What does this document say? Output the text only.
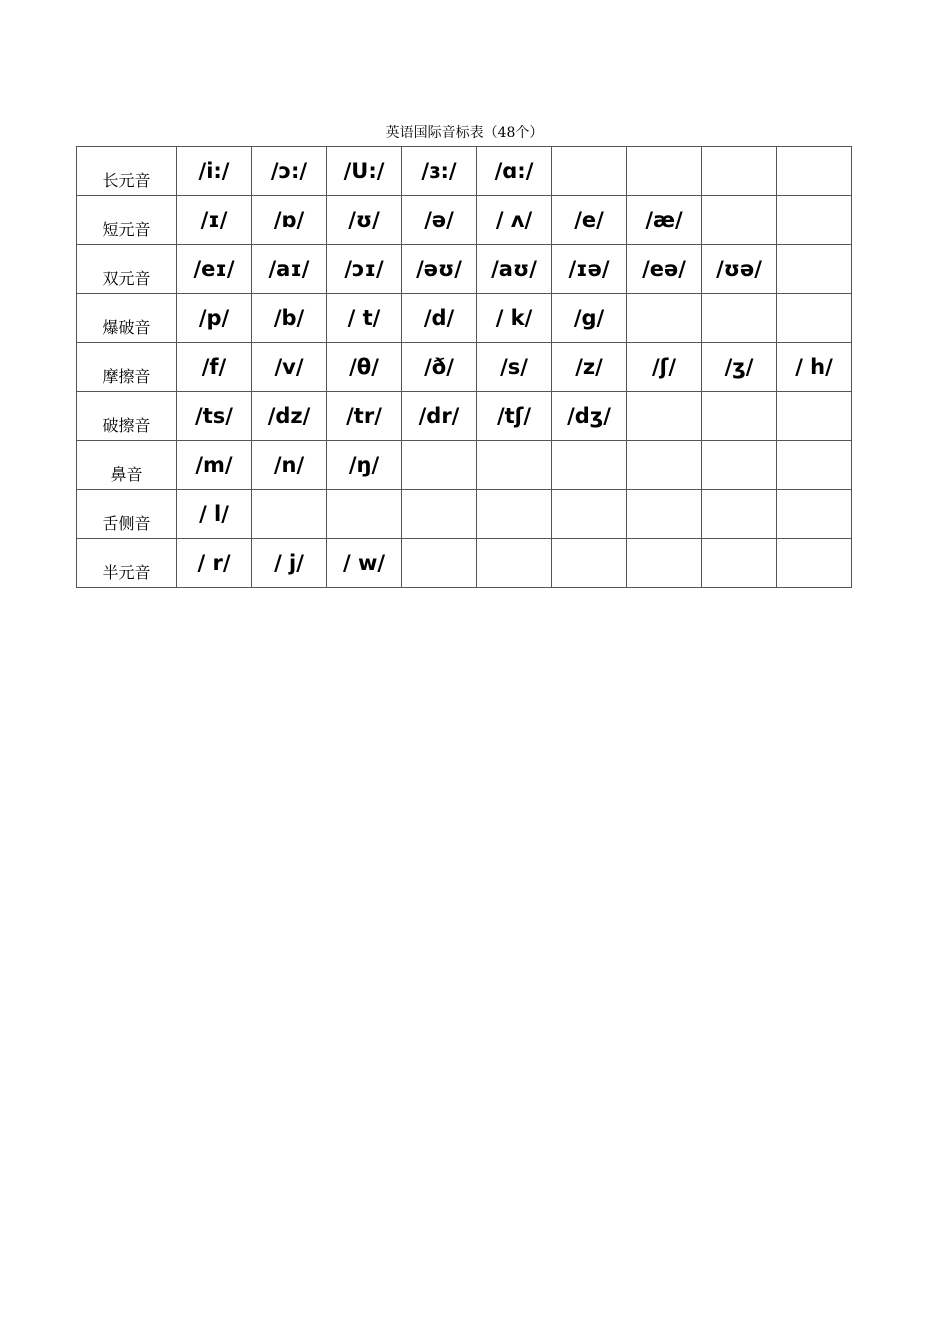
英语国际音标表（48个）
长元音	/i:/	/ɔ:/	/U:/	/ɜ:/	/ɑ:/				
短元音	/ɪ/	/ɒ/	/ʊ/	/ə/	/ ʌ/	/e/	/æ/		
双元音	/eɪ/	/aɪ/	/ɔɪ/	/əʊ/	/aʊ/	/ɪə/	/eə/	/ʊə/	
爆破音	/p/	/b/	/ t/	/d/	/ k/	/g/			
摩擦音	/f/	/v/	/θ/	/ð/	/s/	/z/	/ʃ/	/ʒ/	/ h/
破擦音	/ts/	/dz/	/tr/	/dr/	/tʃ/	/dʒ/			
鼻音	/m/	/n/	/ŋ/						
舌侧音	/ l/								
半元音	/ r/	/ j/	/ w/						
